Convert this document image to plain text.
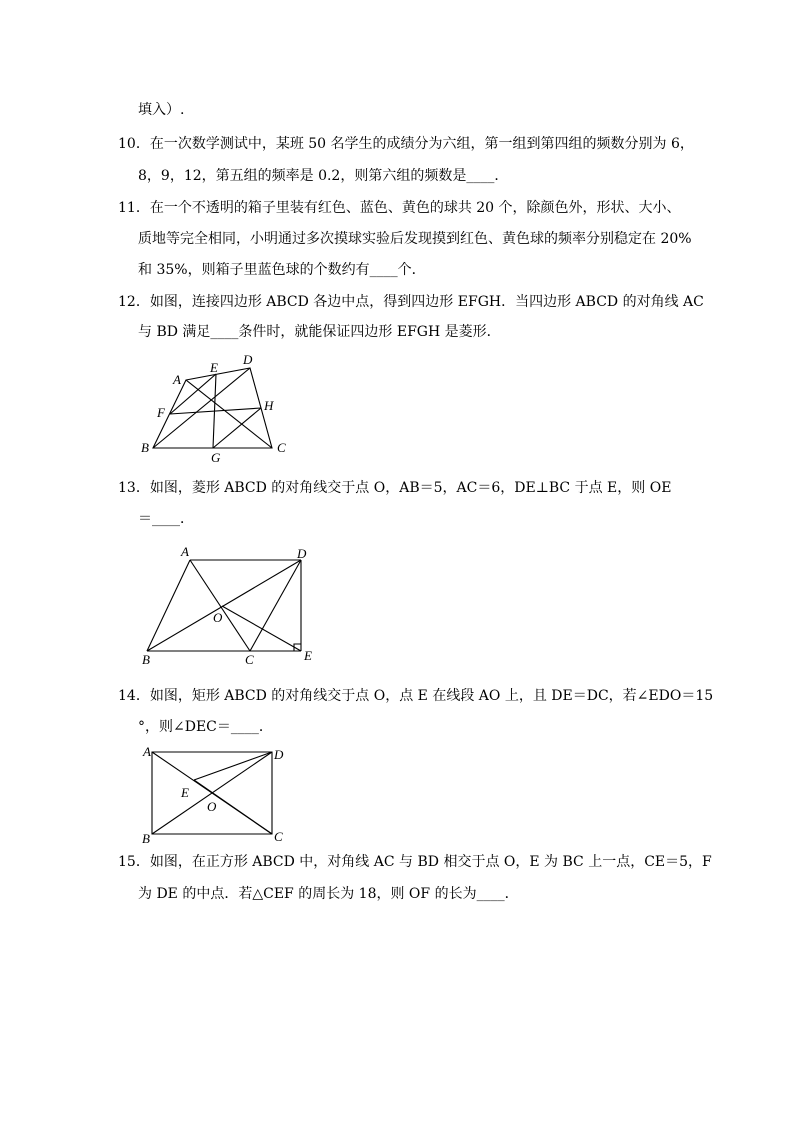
填入）.
10．在一次数学测试中，某班 50 名学生的成绩分为六组，第一组到第四组的频数分别为 6，
8，9，12，第五组的频率是 0.2，则第六组的频数是____．
11．在一个不透明的箱子里装有红色、蓝色、黄色的球共 20 个，除颜色外，形状、大小、
质地等完全相同，小明通过多次摸球实验后发现摸到红色、黄色球的频率分别稳定在 20%
和 35%，则箱子里蓝色球的个数约有____个．
12．如图，连接四边形 ABCD 各边中点，得到四边形 EFGH．当四边形 ABCD 的对角线 AC
与 BD 满足____条件时，就能保证四边形 EFGH 是菱形．
A
E
D
F	H
B
G
C
13．如图，菱形 ABCD 的对角线交于点 O，AB＝5，AC＝6，DE⊥BC 于点 E，则 OE
＝____．
A	D
O
B	C	E
14．如图，矩形 ABCD 的对角线交于点 O，点 E 在线段 AO 上，且 DE＝DC，若∠EDO＝15
°，则∠DEC＝____．
A	D
E
O
B	C
15．如图，在正方形 ABCD 中，对角线 AC 与 BD 相交于点 O，E 为 BC 上一点，CE＝5，F
为 DE 的中点．若△CEF 的周长为 18，则 OF 的长为____．
